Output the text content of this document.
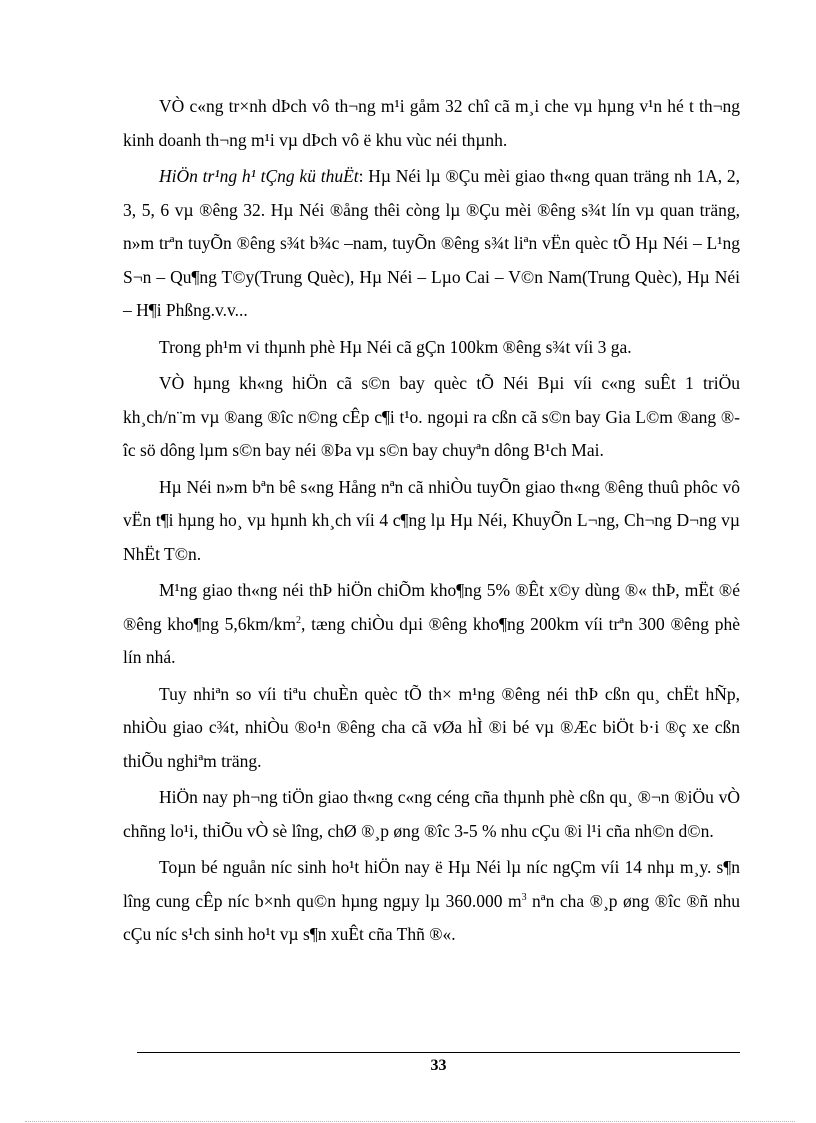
VÒ c«ng tr×nh dÞch vô th¬ng m¹i gåm 32 chî cã m¸i che vµ hµng v¹n hé t th¬ng kinh doanh th¬ng m¹i vµ dÞch vô ë khu vùc néi thµnh.

HiÖn tr¹ng h¹ tÇng kü thuËt: Hµ Néi lµ ®Çu mèi giao th«ng quan träng nh 1A, 2, 3, 5, 6 vµ ®êng 32. Hµ Néi ®ång thêi còng lµ ®Çu mèi ®êng s¾t lín vµ quan träng, n»m trªn tuyÕn ®êng s¾t b¾c –nam, tuyÕn ®êng s¾t liªn vËn quèc tÕ Hµ Néi – L¹ng S¬n – Qu¶ng T©y(Trung Quèc), Hµ Néi – Lµo Cai – V©n Nam(Trung Quèc), Hµ Néi – H¶i Phßng.v.v...

Trong ph¹m vi thµnh phè Hµ Néi cã gÇn 100km ®êng s¾t víi 3 ga.

VÒ hµng kh«ng hiÖn cã s©n bay quèc tÕ Néi Bµi víi c«ng suÊt 1 triÖu kh¸ch/n¨m vµ ®ang ®îc n©ng cÊp c¶i t¹o. ngoµi ra cßn cã s©n bay Gia L©m ®ang ®îc sö dông lµm s©n bay néi ®Þa vµ s©n bay chuyªn dông B¹ch Mai.

Hµ Néi n»m bªn bê s«ng Hång nªn cã nhiÒu tuyÕn giao th«ng ®êng thuû phôc vô vËn t¶i hµng ho¸ vµ hµnh kh¸ch víi 4 c¶ng lµ Hµ Néi, KhuyÕn L¬ng, Ch¬ng D¬ng vµ NhËt T©n.

M¹ng giao th«ng néi thÞ hiÖn chiÕm kho¶ng 5% ®Êt x©y dùng ®« thÞ, mËt ®é ®êng kho¶ng $5,6km/km^2$, tæng chiÒu dµi ®êng kho¶ng 200km víi trªn 300 ®êng phè lín nhá.

Tuy nhiªn so víi tiªu chuÈn quèc tÕ th× m¹ng ®êng néi thÞ cßn qu¸ chËt hÑp, nhiÒu giao c¾t, nhiÒu ®o¹n ®êng cha cã vØa hÌ ®i bé vµ ®Æc biÖt b·i ®ç xe cßn thiÕu nghiªm träng.

HiÖn nay ph¬ng tiÖn giao th«ng c«ng céng cña thµnh phè cßn qu¸ ®¬n ®iÖu vÒ chñng lo¹i, thiÕu vÒ sè lîng, chØ ®¸p øng ®îc 3-5 % nhu cÇu ®i l¹i cña nh©n d©n.

Toµn bé nguån níc sinh ho¹t hiÖn nay ë Hµ Néi lµ níc ngÇm víi 14 nhµ m¸y. s¶n lîng cung cÊp níc b×nh qu©n hµng ngµy lµ 360.000 $m^3$ nªn cha ®¸p øng ®îc ®ñ nhu cÇu níc s¹ch sinh ho¹t vµ s¶n xuÊt cña Thñ ®«.

33
